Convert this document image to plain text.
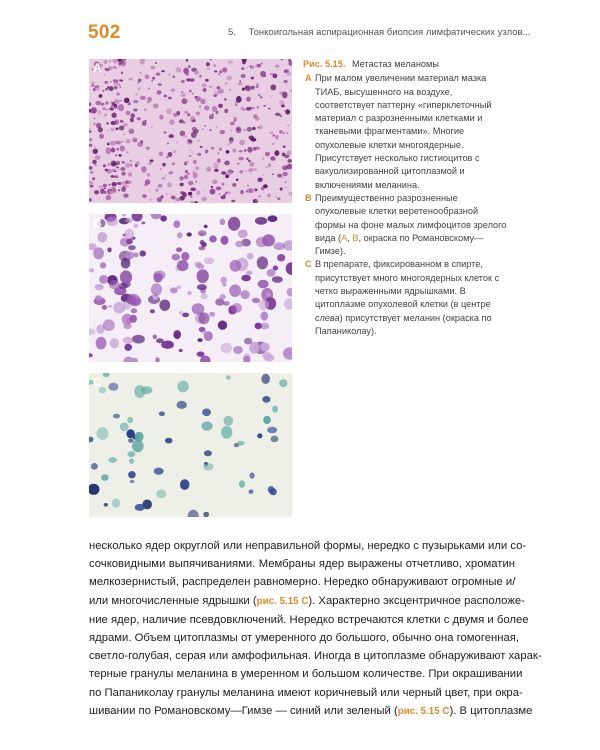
502	5. Тонкоигольная аспирационная биопсия лимфатических узлов...
A
B
C
Рис. 5.15. Метастаз меланомы
A При малом увеличении материал мазка ТИАБ, высушенного на воздухе, соответствует паттерну «гиперклеточный материал с разрозненными клетками и тканевыми фрагментами». Многие опухолевые клетки многоядерные. Присутствует несколько гистиоцитов с вакуолизированной цитоплазмой и включениями меланина.
B Преимущественно разрозненные опухолевые клетки веретенообразной формы на фоне малых лимфоцитов зрелого вида (A, B, окраска по Романовскому—Гимзе).
C В препарате, фиксированном в спирте, присутствует много многоядерных клеток с четко выраженными ядрышками. В цитоплазме опухолевой клетки (в центре слева) присутствует меланин (окраска по Папаниколау).
несколько ядер округлой или неправильной формы, нередко с пузырьками или со-
сочковидными выпячиваниями. Мембраны ядер выражены отчетливо, хроматин
мелкозернистый, распределен равномерно. Нередко обнаруживают огромные и/
или многочисленные ядрышки (рис. 5.15 С). Характерно эксцентричное расположе-
ние ядер, наличие псевдовключений. Нередко встречаются клетки с двумя и более
ядрами. Объем цитоплазмы от умеренного до большого, обычно она гомогенная,
светло-голубая, серая или амфофильная. Иногда в цитоплазме обнаруживают харак-
терные гранулы меланина в умеренном и большом количестве. При окрашивании
по Папаниколау гранулы меланина имеют коричневый или черный цвет, при окра-
шивании по Романовскому—Гимзе — синий или зеленый (рис. 5.15 С). В цитоплазме
